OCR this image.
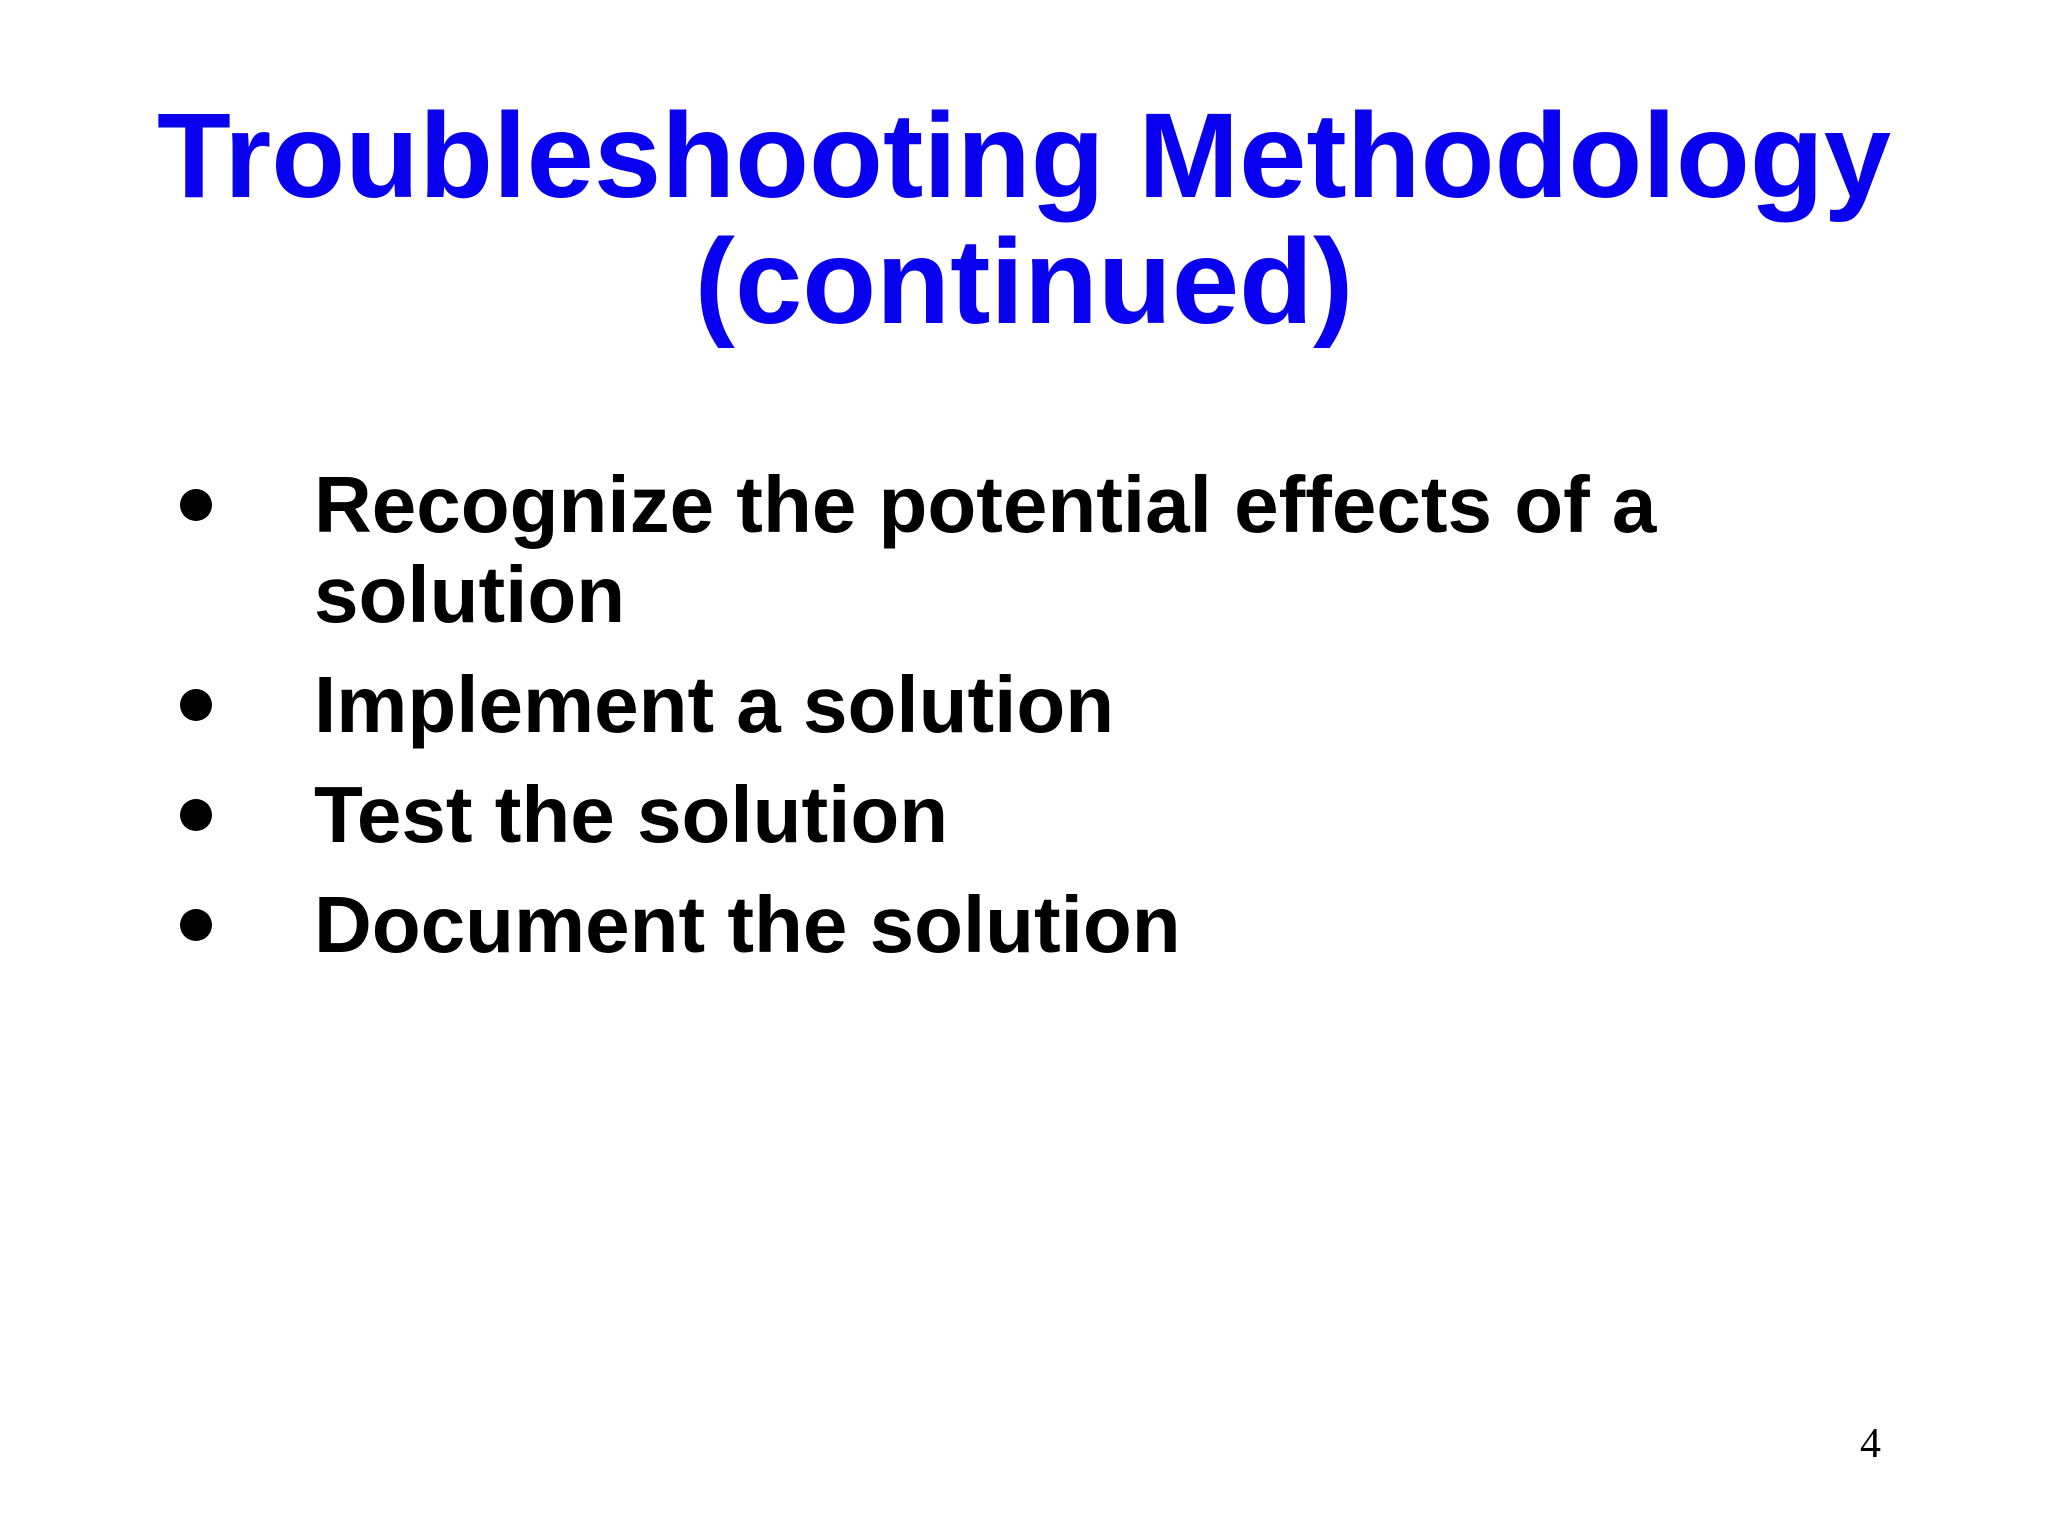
Troubleshooting Methodology
(continued)
Recognize the potential effects of a solution
Implement a solution
Test the solution
Document the solution
4
